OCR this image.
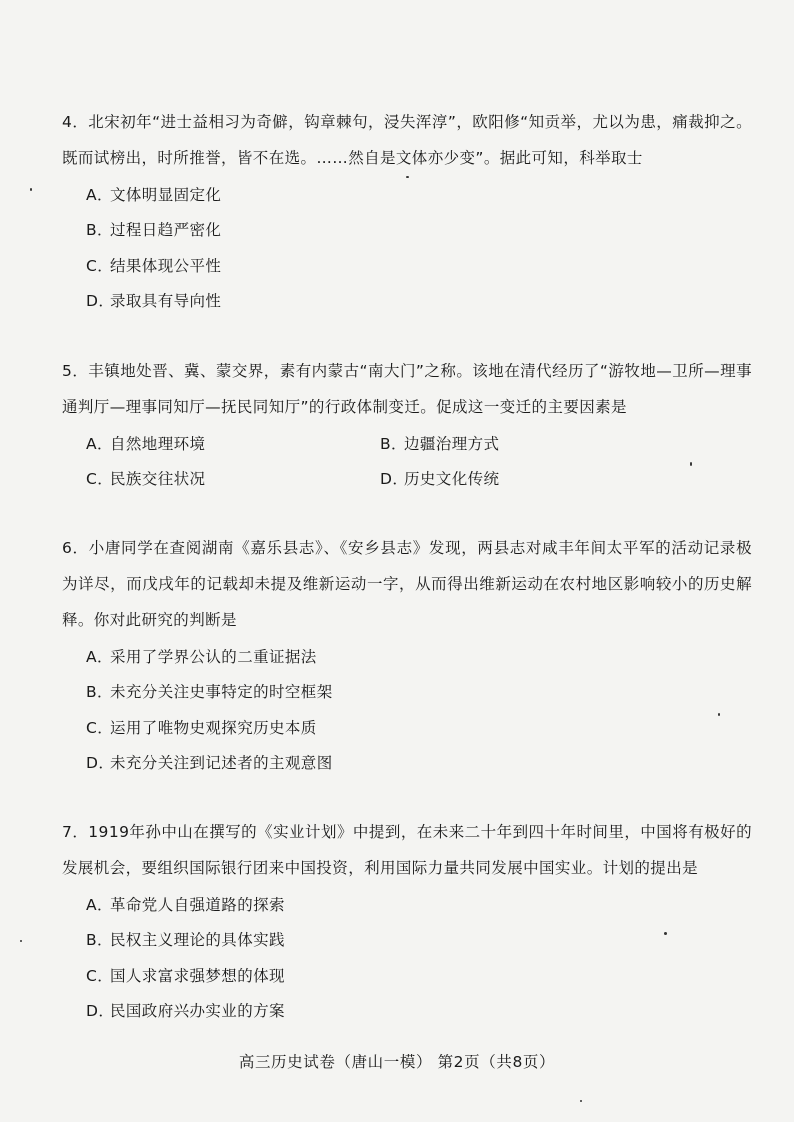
4．北宋初年“进士益相习为奇僻，钩章棘句，浸失浑淳”，欧阳修“知贡举，尤以为患，痛裁抑之。既而试榜出，时所推誉，皆不在选。……然自是文体亦少变”。据此可知，科举取士

A．文体明显固定化
B．过程日趋严密化
C．结果体现公平性
D．录取具有导向性

5．丰镇地处晋、冀、蒙交界，素有内蒙古“南大门”之称。该地在清代经历了“游牧地—卫所—理事通判厅—理事同知厅—抚民同知厅”的行政体制变迁。促成这一变迁的主要因素是

A．自然地理环境	B．边疆治理方式
C．民族交往状况	D．历史文化传统

6．小唐同学在查阅湖南《嘉乐县志》、《安乡县志》发现，两县志对咸丰年间太平军的活动记录极为详尽，而戊戌年的记载却未提及维新运动一字，从而得出维新运动在农村地区影响较小的历史解释。你对此研究的判断是

A．采用了学界公认的二重证据法
B．未充分关注史事特定的时空框架
C．运用了唯物史观探究历史本质
D．未充分关注到记述者的主观意图

7．1919年孙中山在撰写的《实业计划》中提到，在未来二十年到四十年时间里，中国将有极好的发展机会，要组织国际银行团来中国投资，利用国际力量共同发展中国实业。计划的提出是

A．革命党人自强道路的探索
B．民权主义理论的具体实践
C．国人求富求强梦想的体现
D．民国政府兴办实业的方案
高三历史试卷（唐山一模） 第2页（共8页）
